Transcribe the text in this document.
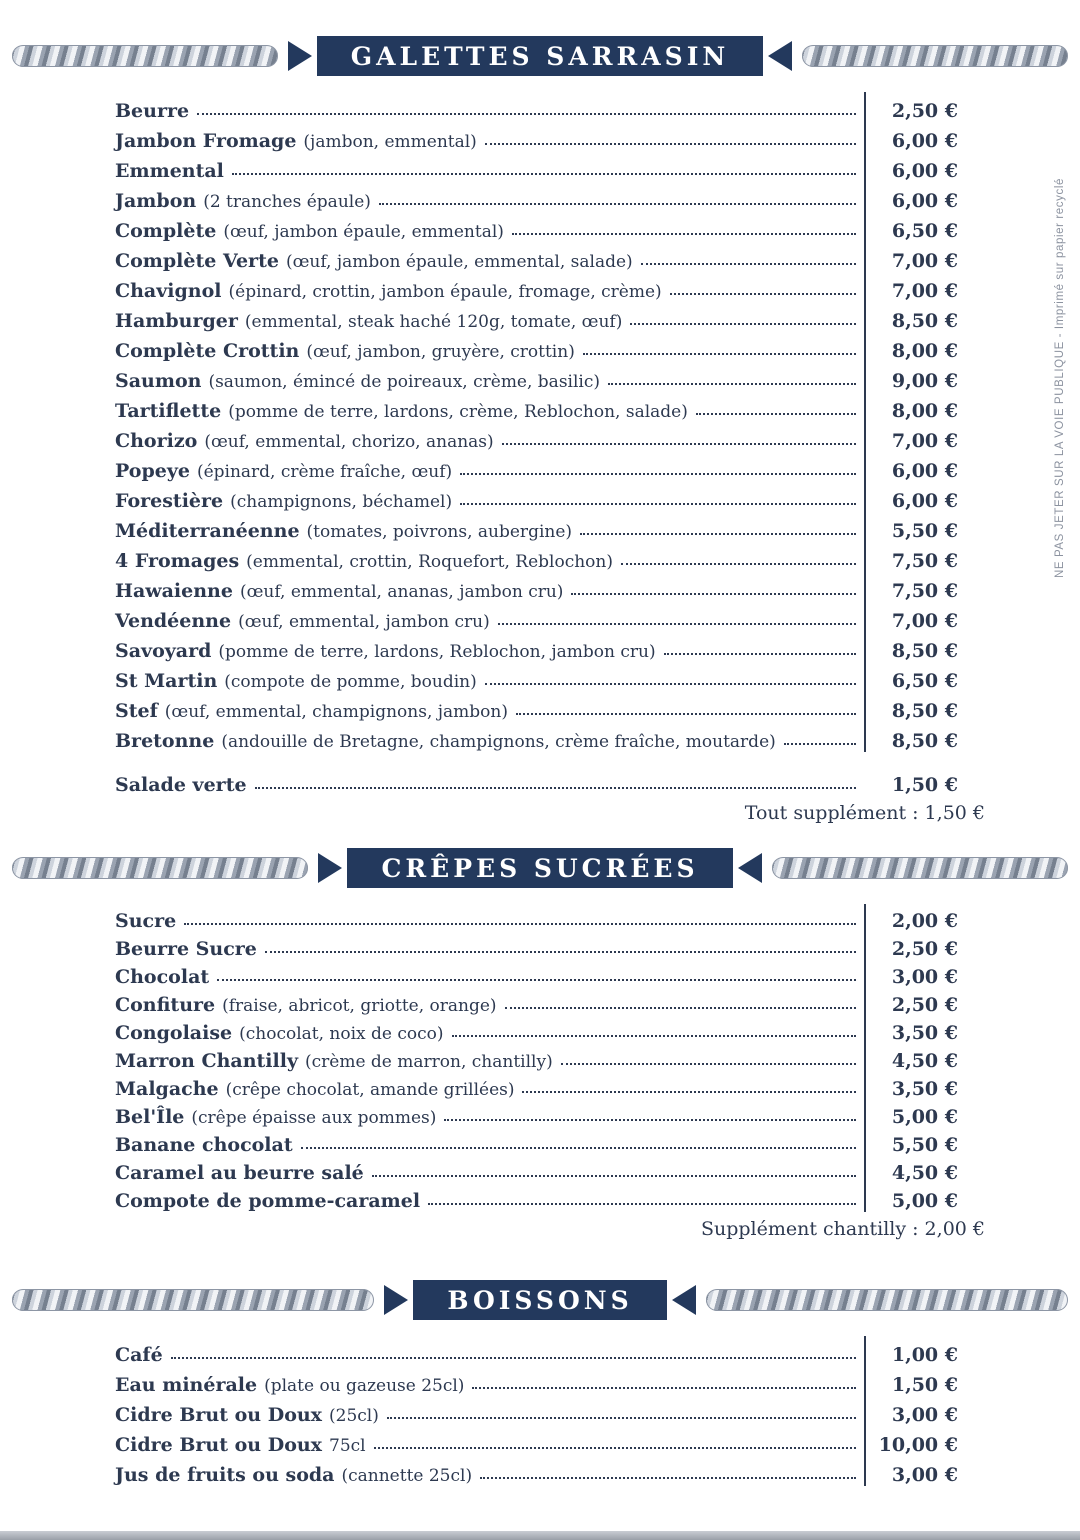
GALETTES SARRASIN
Beurre	2,50 €
Jambon Fromage (jambon, emmental)	6,00 €
Emmental	6,00 €
Jambon (2 tranches épaule)	6,00 €
Complète (œuf, jambon épaule, emmental)	6,50 €
Complète Verte (œuf, jambon épaule, emmental, salade)	7,00 €
Chavignol (épinard, crottin, jambon épaule, fromage, crème)	7,00 €
Hamburger (emmental, steak haché 120g, tomate, œuf)	8,50 €
Complète Crottin (œuf, jambon, gruyère, crottin)	8,00 €
Saumon (saumon, émincé de poireaux, crème, basilic)	9,00 €
Tartiflette (pomme de terre, lardons, crème, Reblochon, salade)	8,00 €
Chorizo (œuf, emmental, chorizo, ananas)	7,00 €
Popeye (épinard, crème fraîche, œuf)	6,00 €
Forestière (champignons, béchamel)	6,00 €
Méditerranéenne (tomates, poivrons, aubergine)	5,50 €
4 Fromages (emmental, crottin, Roquefort, Reblochon)	7,50 €
Hawaienne (œuf, emmental, ananas, jambon cru)	7,50 €
Vendéenne (œuf, emmental, jambon cru)	7,00 €
Savoyard (pomme de terre, lardons, Reblochon, jambon cru)	8,50 €
St Martin (compote de pomme, boudin)	6,50 €
Stef (œuf, emmental, champignons, jambon)	8,50 €
Bretonne (andouille de Bretagne, champignons, crème fraîche, moutarde)	8,50 €
Salade verte	1,50 €
Tout supplément : 1,50 €
CRÊPES SUCRÉES
Sucre	2,00 €
Beurre Sucre	2,50 €
Chocolat	3,00 €
Confiture (fraise, abricot, griotte, orange)	2,50 €
Congolaise (chocolat, noix de coco)	3,50 €
Marron Chantilly (crème de marron, chantilly)	4,50 €
Malgache (crêpe chocolat, amande grillées)	3,50 €
Bel'Île (crêpe épaisse aux pommes)	5,00 €
Banane chocolat	5,50 €
Caramel au beurre salé	4,50 €
Compote de pomme-caramel	5,00 €
Supplément chantilly : 2,00 €
BOISSONS
Café	1,00 €
Eau minérale (plate ou gazeuse 25cl)	1,50 €
Cidre Brut ou Doux (25cl)	3,00 €
Cidre Brut ou Doux 75cl	10,00 €
Jus de fruits ou soda (cannette 25cl)	3,00 €
NE PAS JETER SUR LA VOIE PUBLIQUE - Imprimé sur papier recyclé
